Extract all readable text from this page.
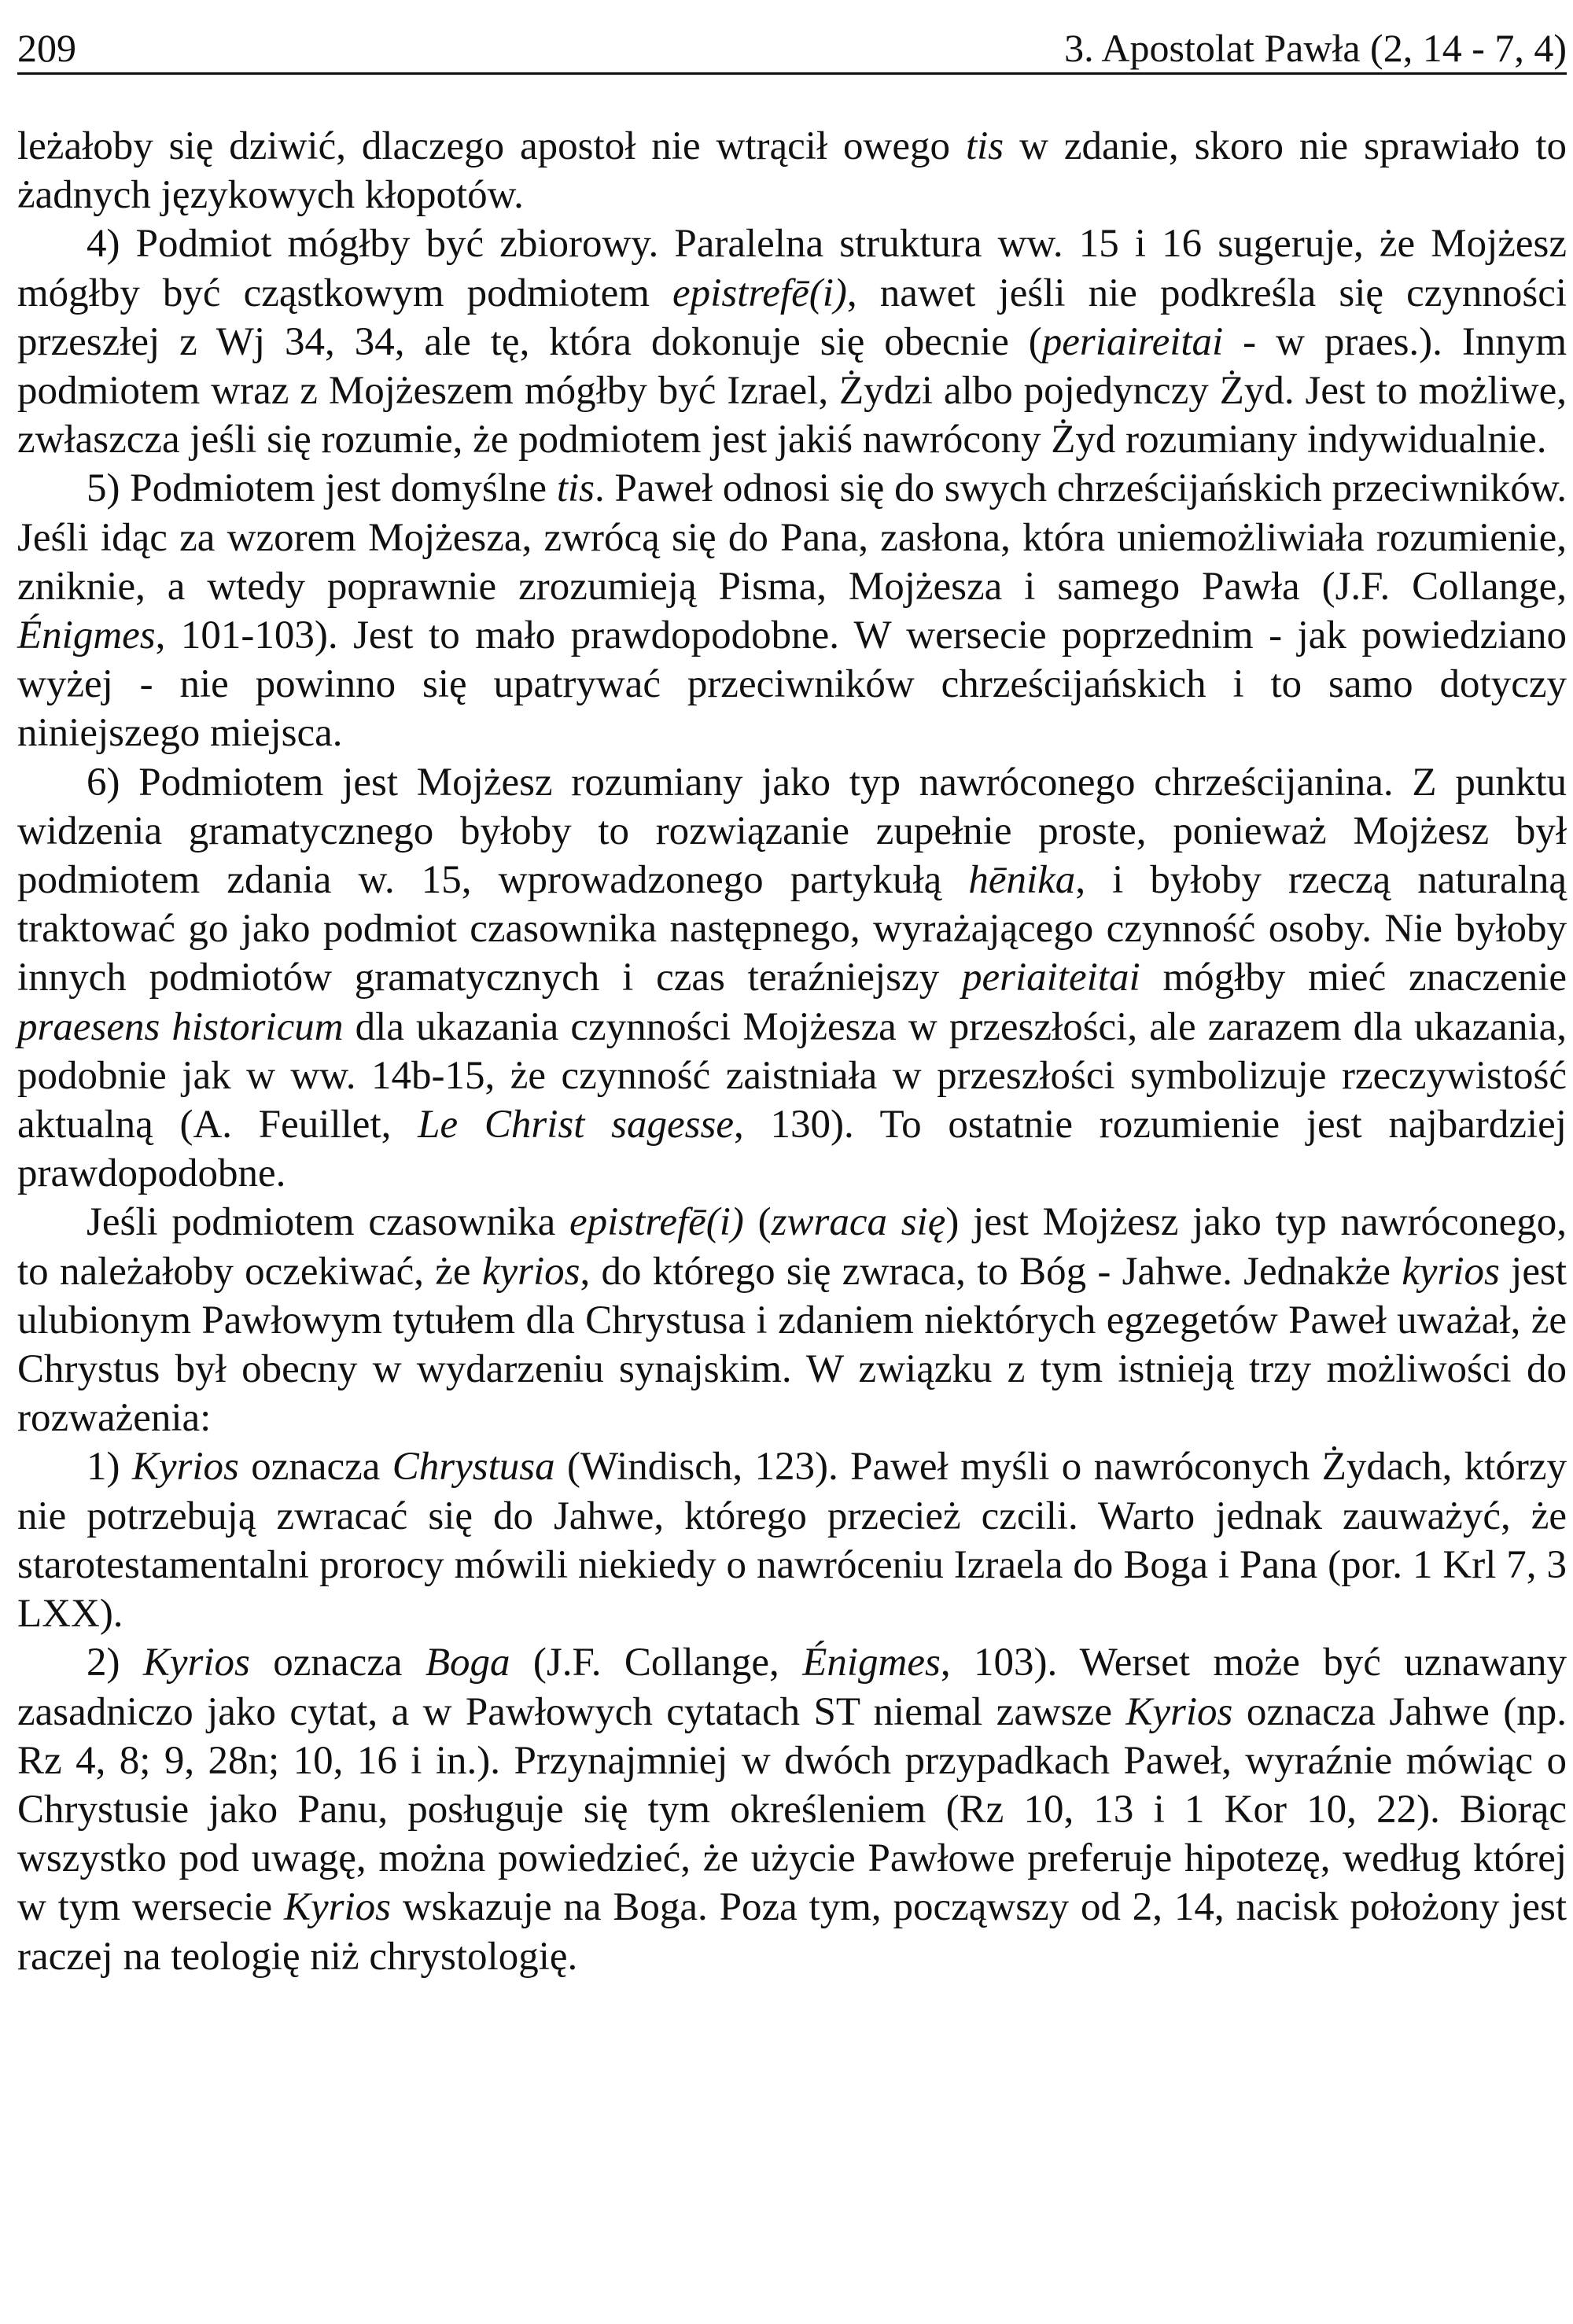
209	3. Apostolat Pawła (2, 14 - 7, 4)

leżałoby się dziwić, dlaczego apostoł nie wtrącił owego tis w zdanie, skoro nie sprawiało to żadnych językowych kłopotów.

4) Podmiot mógłby być zbiorowy. Paralelna struktura ww. 15 i 16 sugeruje, że Mojżesz mógłby być cząstkowym podmiotem epistrefē(i), nawet jeśli nie podkreśla się czynności przeszłej z Wj 34, 34, ale tę, która dokonuje się obecnie (periaireitai - w praes.). Innym podmiotem wraz z Mojżeszem mógłby być Izrael, Żydzi albo pojedynczy Żyd. Jest to możliwe, zwłaszcza jeśli się rozumie, że podmiotem jest jakiś nawrócony Żyd rozumiany indywidualnie.

5) Podmiotem jest domyślne tis. Paweł odnosi się do swych chrześcijańskich przeciwników. Jeśli idąc za wzorem Mojżesza, zwrócą się do Pana, zasłona, która uniemożliwiała rozumienie, zniknie, a wtedy poprawnie zrozumieją Pisma, Mojżesza i samego Pawła (J.F. Collange, Énigmes, 101-103). Jest to mało prawdopodobne. W wersecie poprzednim - jak powiedziano wyżej - nie powinno się upatrywać przeciwników chrześcijańskich i to samo dotyczy niniejszego miejsca.

6) Podmiotem jest Mojżesz rozumiany jako typ nawróconego chrześcijanina. Z punktu widzenia gramatycznego byłoby to rozwiązanie zupełnie proste, ponieważ Mojżesz był podmiotem zdania w. 15, wprowadzonego partykułą hēnika, i byłoby rzeczą naturalną traktować go jako podmiot czasownika następnego, wyrażającego czynność osoby. Nie byłoby innych podmiotów gramatycznych i czas teraźniejszy periaiteitai mógłby mieć znaczenie praesens historicum dla ukazania czynności Mojżesza w przeszłości, ale zarazem dla ukazania, podobnie jak w ww. 14b-15, że czynność zaistniała w przeszłości symbolizuje rzeczywistość aktualną (A. Feuillet, Le Christ sagesse, 130). To ostatnie rozumienie jest najbardziej prawdopodobne.

Jeśli podmiotem czasownika epistrefē(i) (zwraca się) jest Mojżesz jako typ nawróconego, to należałoby oczekiwać, że kyrios, do którego się zwraca, to Bóg - Jahwe. Jednakże kyrios jest ulubionym Pawłowym tytułem dla Chrystusa i zdaniem niektórych egzegetów Paweł uważał, że Chrystus był obecny w wydarzeniu synajskim. W związku z tym istnieją trzy możliwości do rozważenia:

1) Kyrios oznacza Chrystusa (Windisch, 123). Paweł myśli o nawróconych Żydach, którzy nie potrzebują zwracać się do Jahwe, którego przecież czcili. Warto jednak zauważyć, że starotestamentalni prorocy mówili niekiedy o nawróceniu Izraela do Boga i Pana (por. 1 Krl 7, 3 LXX).

2) Kyrios oznacza Boga (J.F. Collange, Énigmes, 103). Werset może być uznawany zasadniczo jako cytat, a w Pawłowych cytatach ST niemal zawsze Kyrios oznacza Jahwe (np. Rz 4, 8; 9, 28n; 10, 16 i in.). Przynajmniej w dwóch przypadkach Paweł, wyraźnie mówiąc o Chrystusie jako Panu, posługuje się tym określeniem (Rz 10, 13 i 1 Kor 10, 22). Biorąc wszystko pod uwagę, można powiedzieć, że użycie Pawłowe preferuje hipotezę, według której w tym wersecie Kyrios wskazuje na Boga. Poza tym, począwszy od 2, 14, nacisk położony jest raczej na teologię niż chrystologię.
